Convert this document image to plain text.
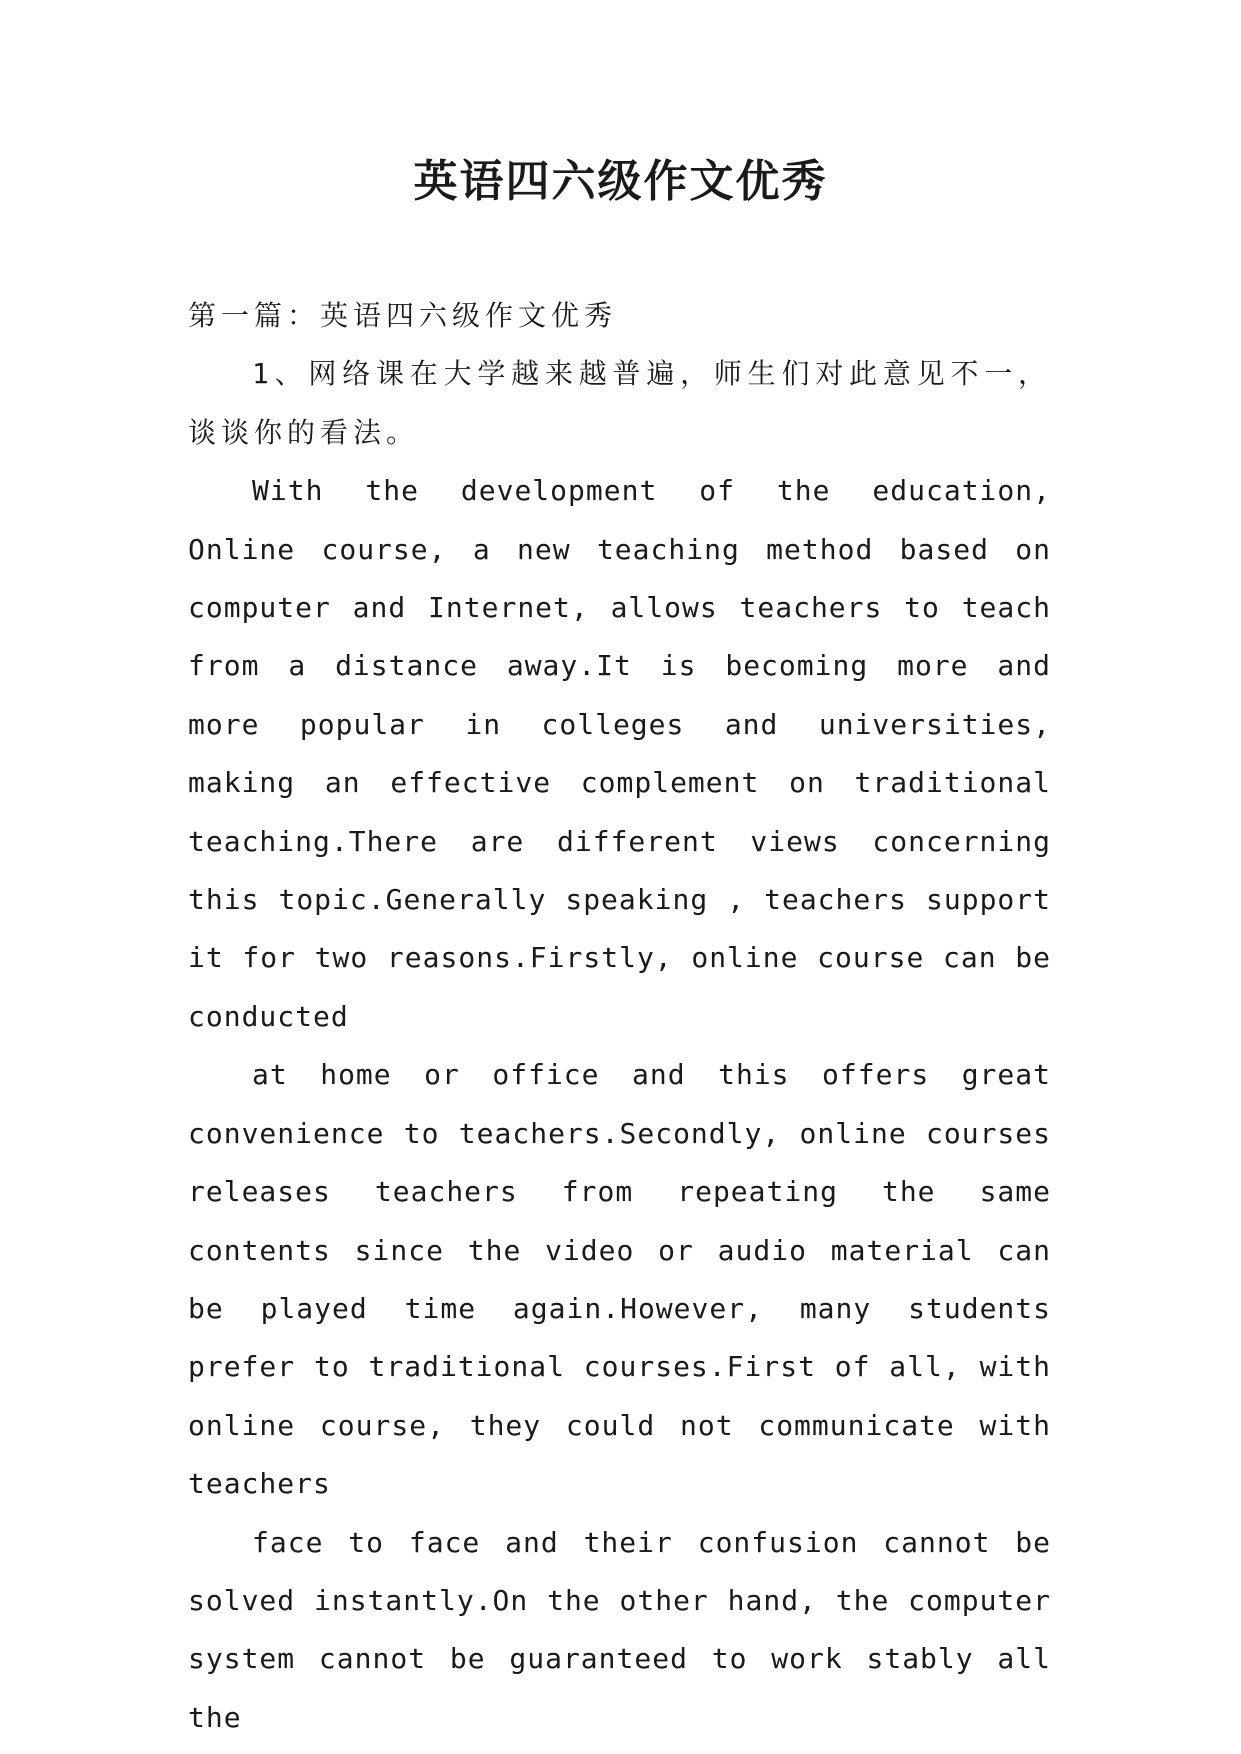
英语四六级作文优秀

第一篇：英语四六级作文优秀

1、网络课在大学越来越普遍，师生们对此意见不一，谈谈你的看法。

With the development of the education, Online course, a new teaching method based on computer and Internet, allows teachers to teach from a distance away.It is becoming more and more popular in colleges and universities, making an effective complement on traditional teaching.There are different views concerning this topic.Generally speaking , teachers support it for two reasons.Firstly, online course can be conducted

at home or office and this offers great convenience to teachers.Secondly, online courses releases teachers from repeating the same contents since the video or audio material can be played time again.However, many students prefer to traditional courses.First of all, with online course, they could not communicate with teachers

face to face and their confusion cannot be solved instantly.On the other hand, the computer system cannot be guaranteed to work stably all the
